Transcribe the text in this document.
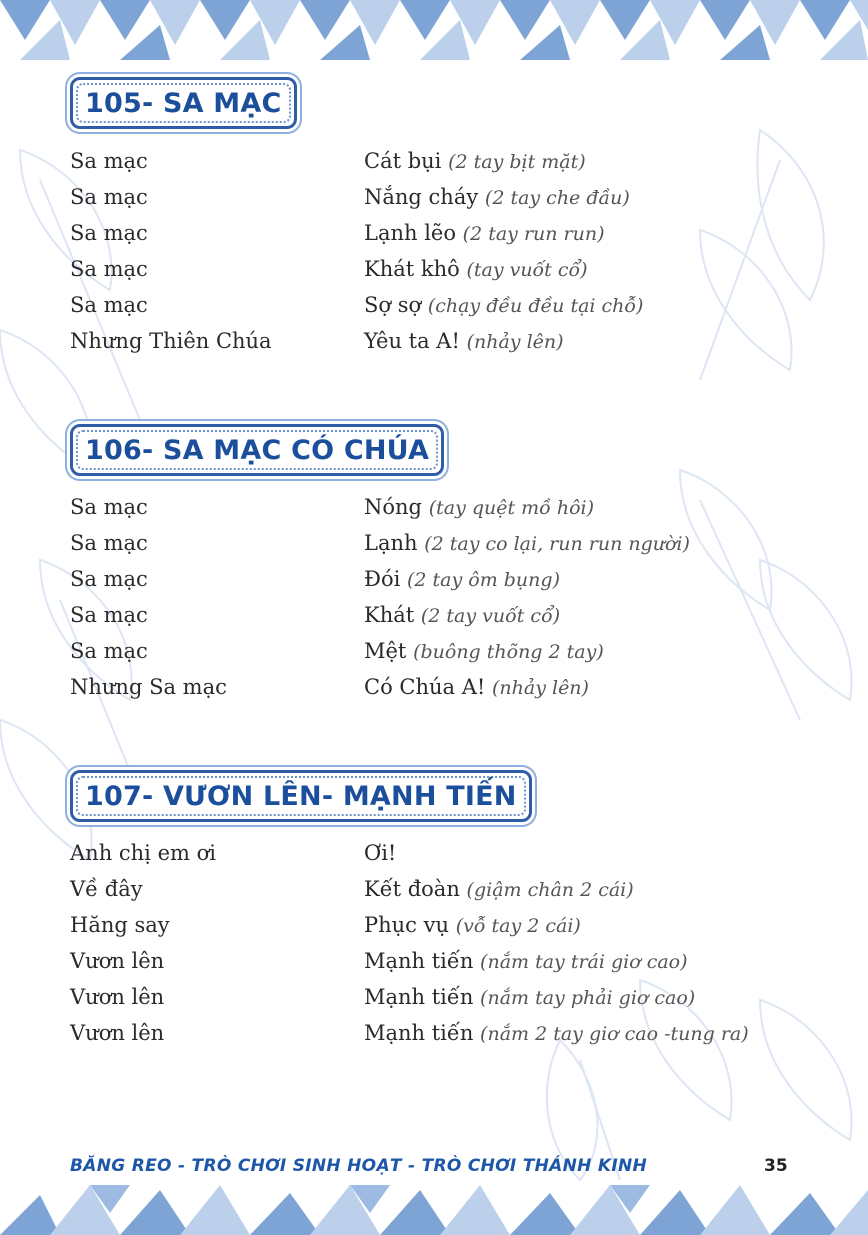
105- SA MẠC
Sa mạc	Cát bụi (2 tay bịt mặt)
Sa mạc	Nắng cháy (2 tay che đầu)
Sa mạc	Lạnh lẽo (2 tay run run)
Sa mạc	Khát khô (tay vuốt cổ)
Sa mạc	Sợ sợ (chạy đều đều tại chỗ)
Nhưng Thiên Chúa	Yêu ta A! (nhảy lên)
106- SA MẠC CÓ CHÚA
Sa mạc	Nóng (tay quệt mồ hôi)
Sa mạc	Lạnh (2 tay co lại, run run người)
Sa mạc	Đói (2 tay ôm bụng)
Sa mạc	Khát (2 tay vuốt cổ)
Sa mạc	Mệt (buông thõng 2 tay)
Nhưng Sa mạc	Có Chúa A! (nhảy lên)
107- VƯƠN LÊN- MẠNH TIẾN
Anh chị em ơi	Ơi!
Về đây	Kết đoàn (giậm chân 2 cái)
Hăng say	Phục vụ (vỗ tay 2 cái)
Vươn lên	Mạnh tiến (nắm tay trái giơ cao)
Vươn lên	Mạnh tiến (nắm tay phải giơ cao)
Vươn lên	Mạnh tiến (nắm 2 tay giơ cao -tung ra)
BĂNG REO - TRÒ CHƠI SINH HOẠT - TRÒ CHƠI THÁNH KINH	35
